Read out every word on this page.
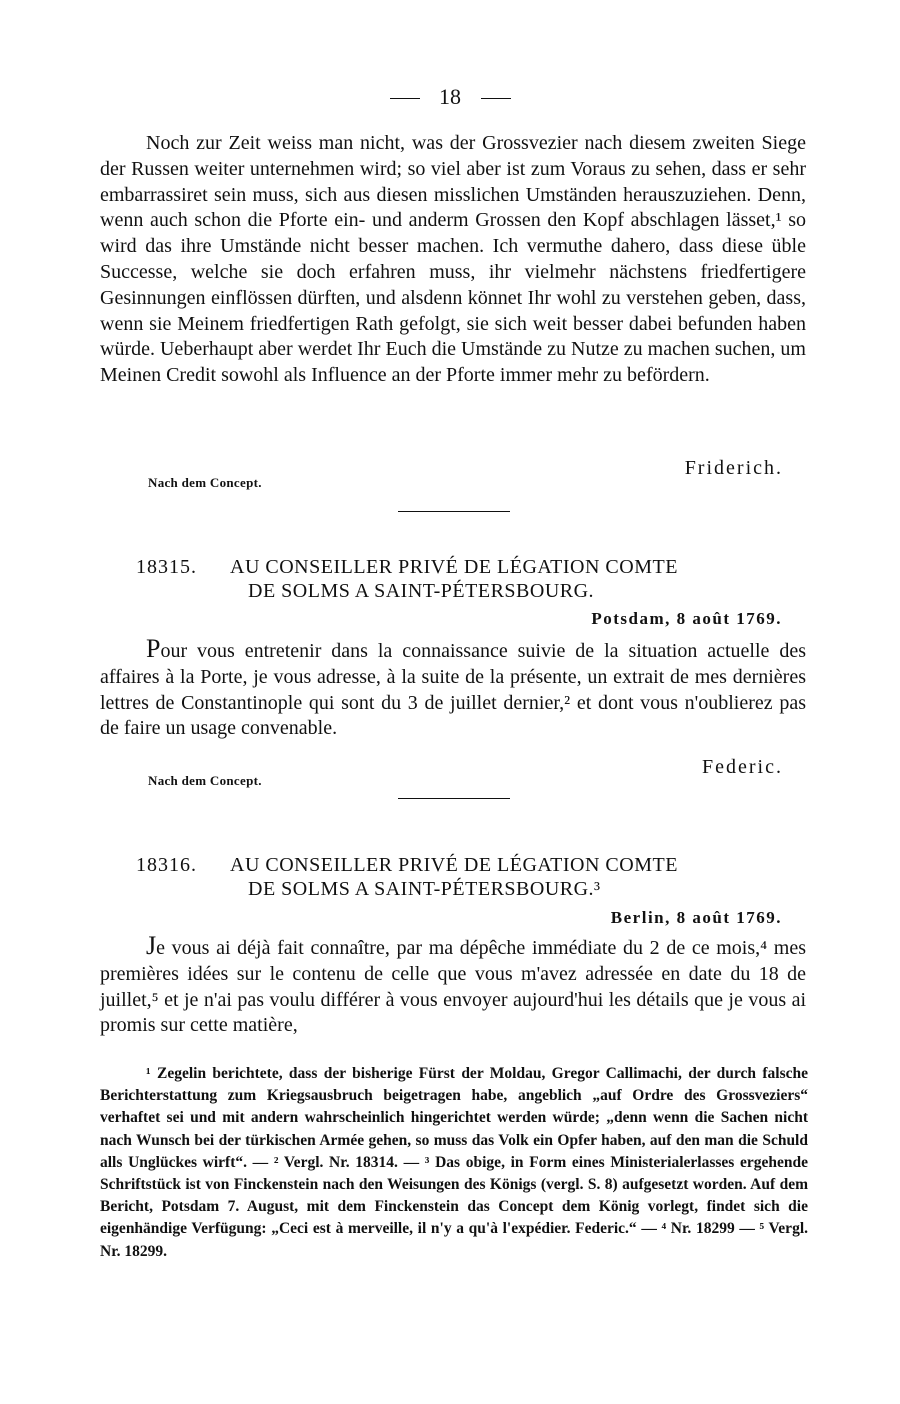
18

Noch zur Zeit weiss man nicht, was der Grossvezier nach diesem zweiten Siege der Russen weiter unternehmen wird; so viel aber ist zum Voraus zu sehen, dass er sehr embarrassiret sein muss, sich aus diesen misslichen Umständen herauszuziehen. Denn, wenn auch schon die Pforte ein- und anderm Grossen den Kopf abschlagen lässet,¹ so wird das ihre Umstände nicht besser machen. Ich vermuthe dahero, dass diese üble Successe, welche sie doch erfahren muss, ihr vielmehr nächstens friedfertigere Gesinnungen einflössen dürften, und alsdenn könnet Ihr wohl zu verstehen geben, dass, wenn sie Meinem friedfertigen Rath gefolgt, sie sich weit besser dabei befunden haben würde. Ueberhaupt aber werdet Ihr Euch die Umstände zu Nutze zu machen suchen, um Meinen Credit sowohl als Influence an der Pforte immer mehr zu befördern.

Friderich.
Nach dem Concept.
18315. AU CONSEILLER PRIVÉ DE LÉGATION COMTE
DE SOLMS A SAINT-PÉTERSBOURG.
Potsdam, 8 août 1769.

Pour vous entretenir dans la connaissance suivie de la situation actuelle des affaires à la Porte, je vous adresse, à la suite de la présente, un extrait de mes dernières lettres de Constantinople qui sont du 3 de juillet dernier,² et dont vous n'oublierez pas de faire un usage convenable.

Federic.
Nach dem Concept.
18316. AU CONSEILLER PRIVÉ DE LÉGATION COMTE
DE SOLMS A SAINT-PÉTERSBOURG.³
Berlin, 8 août 1769.

Je vous ai déjà fait connaître, par ma dépêche immédiate du 2 de ce mois,⁴ mes premières idées sur le contenu de celle que vous m'avez adressée en date du 18 de juillet,⁵ et je n'ai pas voulu différer à vous envoyer aujourd'hui les détails que je vous ai promis sur cette matière,

¹ Zegelin berichtete, dass der bisherige Fürst der Moldau, Gregor Callimachi, der durch falsche Berichterstattung zum Kriegsausbruch beigetragen habe, angeblich „auf Ordre des Grossveziers“ verhaftet sei und mit andern wahrscheinlich hingerichtet werden würde; „denn wenn die Sachen nicht nach Wunsch bei der türkischen Armée gehen, so muss das Volk ein Opfer haben, auf den man die Schuld alls Unglückes wirft“. — ² Vergl. Nr. 18314. — ³ Das obige, in Form eines Ministerialerlasses ergehende Schriftstück ist von Finckenstein nach den Weisungen des Königs (vergl. S. 8) aufgesetzt worden. Auf dem Bericht, Potsdam 7. August, mit dem Finckenstein das Concept dem König vorlegt, findet sich die eigenhändige Verfügung: „Ceci est à merveille, il n'y a qu'à l'expédier. Federic.“ — ⁴ Nr. 18299 — ⁵ Vergl. Nr. 18299.
